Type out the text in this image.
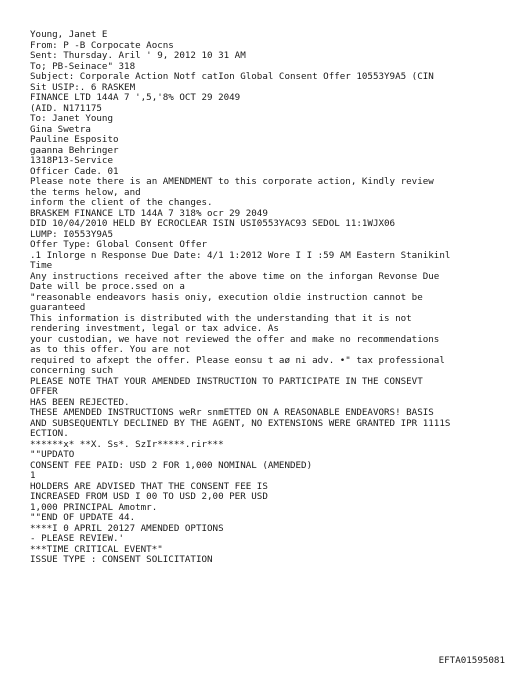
Young, Janet E
From: P -B Corpocate Aocns
Sent: Thursday. Aril ' 9, 2012 10 31 AM
To; PB-Seinace" 318
Subject: Corporale Action Notf catIon Global Consent Offer 10553Y9A5 (CIN
Sit USIP:. 6 RASKEM
FINANCE LTD 144A 7 ',5,'8% OCT 29 2049
(AID. N171175
To: Janet Young
Gina Swetra
Pauline Esposito
gaanna Behringer
1318P13-Service
Officer Cade. 01
Please note there is an AMENDMENT to this corporate action, Kindly review
the terms helow, and
inform the client of the changes.
BRASKEM FINANCE LTD 144A 7 318% ocr 29 2049
DID 10/04/2010 HELD BY ECROCLEAR ISIN USI0553YAC93 SEDOL 11:1WJX06
LUMP: I0553Y9A5
Offer Type: Global Consent Offer
.1 Inlorge n Response Due Date: 4/1 1:2012 Wore I I :59 AM Eastern Stanikinl
Time
Any instructions received after the above time on the inforgan Revonse Due
Date will be proce.ssed on a
"reasonable endeavors hasis oniy, execution oldie instruction cannot be
guaranteed
This information is distributed with the understanding that it is not
rendering investment, legal or tax advice. As
your custodian, we have not reviewed the offer and make no recommendations
as to this offer. You are not
required to afxept the offer. Please eonsu t aø ni adv. •" tax professional
concerning such
PLEASE NOTE THAT YOUR AMENDED INSTRUCTION TO PARTICIPATE IN THE CONSEVT
OFFER
HAS BEEN REJECTED.
THESE AMENDED INSTRUCTIONS weRr snmETTED ON A REASONABLE ENDEAVORS! BASIS
AND SUBSEQUENTLY DECLINED BY THE AGENT, NO EXTENSIONS WERE GRANTED IPR 1111S
ECTION.
******x* **X. Ss*. SzIr*****.rir***
""UPDATO
CONSENT FEE PAID: USD 2 FOR 1,000 NOMINAL (AMENDED)
1
HOLDERS ARE ADVISED THAT THE CONSENT FEE IS
INCREASED FROM USD I 00 TO USD 2,00 PER USD
1,000 PRINCIPAL Amotmr.
""END OF UPDATE 44.
****I 0 APRIL 20127 AMENDED OPTIONS
- PLEASE REVIEW.'
***TIME CRITICAL EVENT*"
ISSUE TYPE : CONSENT SOLICITATION
EFTA01595081
